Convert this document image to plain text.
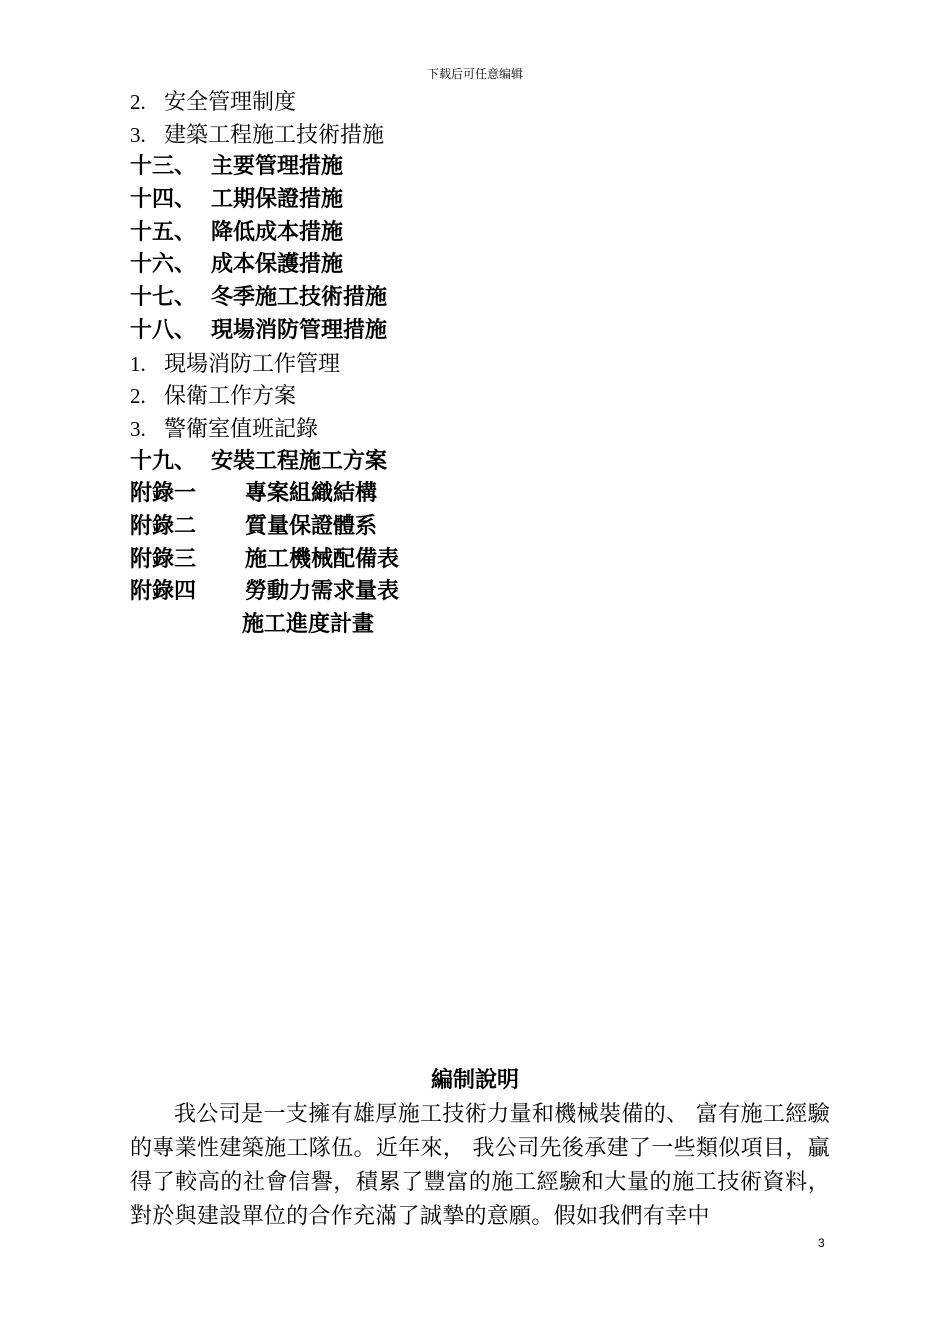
下载后可任意编辑
2. 安全管理制度
3. 建築工程施工技術措施
十三、 主要管理措施
十四、 工期保證措施
十五、 降低成本措施
十六、 成本保護措施
十七、 冬季施工技術措施
十八、 現場消防管理措施
1. 現場消防工作管理
2. 保衛工作方案
3. 警衛室值班記錄
十九、 安裝工程施工方案
附錄一 專案組織結構
附錄二 質量保證體系
附錄三 施工機械配備表
附錄四 勞動力需求量表
施工進度計畫
編制說明
我公司是一支擁有雄厚施工技術力量和機械裝備的、 富有施工經驗的專業性建築施工隊伍。近年來， 我公司先後承建了一些類似項目，贏得了較高的社會信譽，積累了豐富的施工經驗和大量的施工技術資料， 對於與建設單位的合作充滿了誠摯的意願。假如我們有幸中
3
